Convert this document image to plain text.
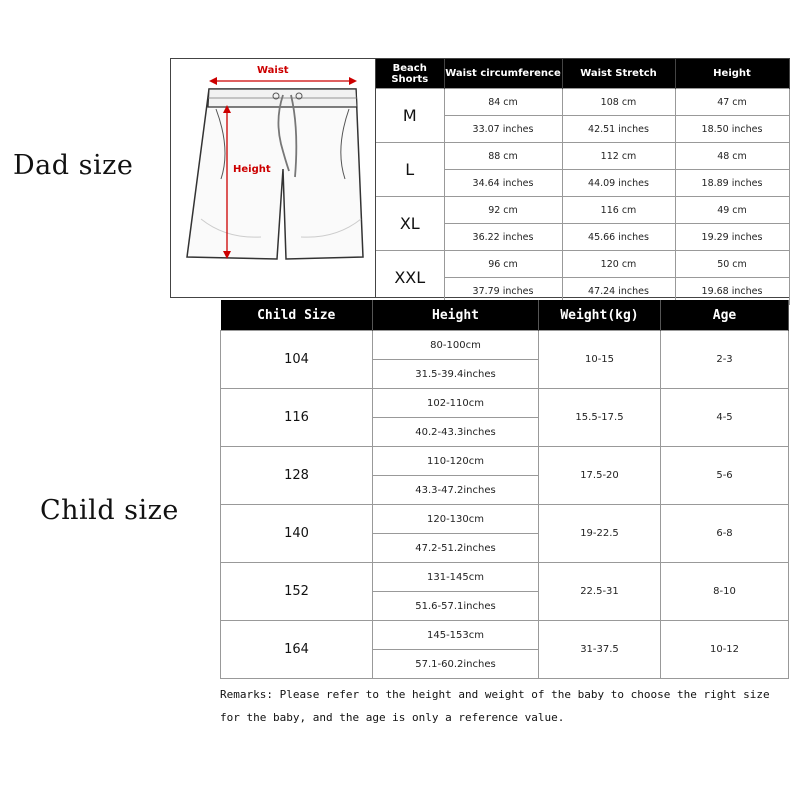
Dad size
Child size
Waist
Height
Beach Shorts	Waist circumference	Waist Stretch	Height
M	84 cm	108 cm	47 cm
	33.07 inches	42.51 inches	18.50 inches
L	88 cm	112 cm	48 cm
	34.64 inches	44.09 inches	18.89 inches
XL	92 cm	116 cm	49 cm
	36.22 inches	45.66 inches	19.29 inches
XXL	96 cm	120 cm	50 cm
	37.79 inches	47.24 inches	19.68 inches
Child Size	Height	Weight(kg)	Age
104	80-100cm	10-15	2-3
	31.5-39.4inches		
116	102-110cm	15.5-17.5	4-5
	40.2-43.3inches		
128	110-120cm	17.5-20	5-6
	43.3-47.2inches		
140	120-130cm	19-22.5	6-8
	47.2-51.2inches		
152	131-145cm	22.5-31	8-10
	51.6-57.1inches		
164	145-153cm	31-37.5	10-12
	57.1-60.2inches		
Remarks: Please refer to the height and weight of the baby to choose the right size for the baby, and the age is only a reference value.
